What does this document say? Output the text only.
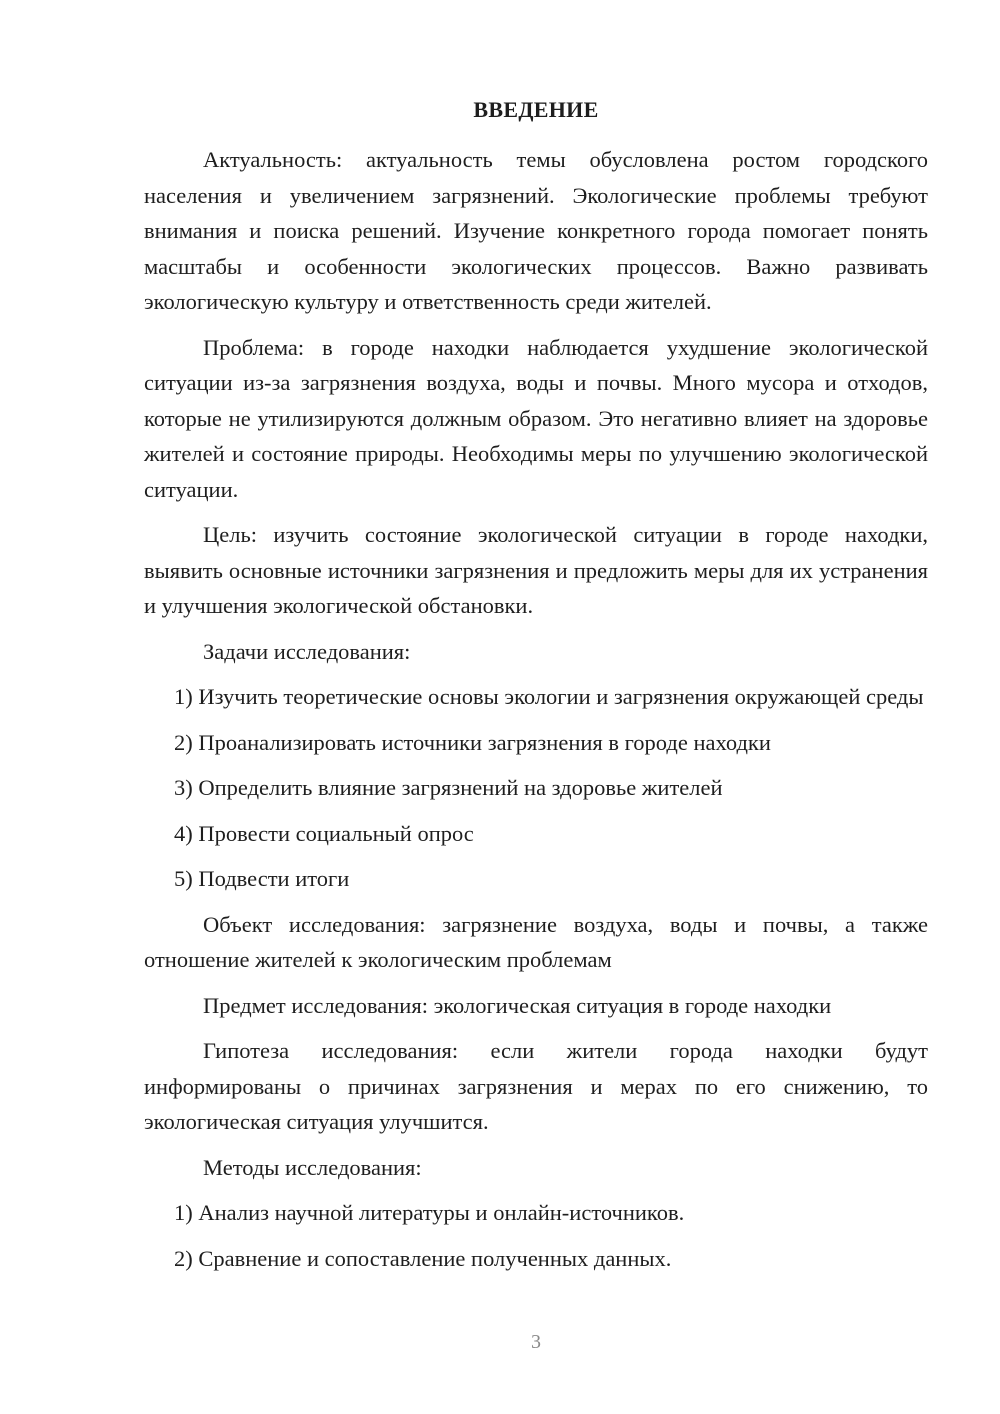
ВВЕДЕНИЕ

Актуальность: актуальность темы обусловлена ростом городского населения и увеличением загрязнений. Экологические проблемы требуют внимания и поиска решений. Изучение конкретного города помогает понять масштабы и особенности экологических процессов. Важно развивать экологическую культуру и ответственность среди жителей.

Проблема: в городе находки наблюдается ухудшение экологической ситуации из-за загрязнения воздуха, воды и почвы. Много мусора и отходов, которые не утилизируются должным образом. Это негативно влияет на здоровье жителей и состояние природы. Необходимы меры по улучшению экологической ситуации.

Цель: изучить состояние экологической ситуации в городе находки, выявить основные источники загрязнения и предложить меры для их устранения и улучшения экологической обстановки.

Задачи исследования:

1) Изучить теоретические основы экологии и загрязнения окружающей среды

2) Проанализировать источники загрязнения в городе находки

3) Определить влияние загрязнений на здоровье жителей

4) Провести социальный опрос

5) Подвести итоги

Объект исследования: загрязнение воздуха, воды и почвы, а также отношение жителей к экологическим проблемам

Предмет исследования: экологическая ситуация в городе находки

Гипотеза исследования: если жители города находки будут информированы о причинах загрязнения и мерах по его снижению, то экологическая ситуация улучшится.

Методы исследования:

1) Анализ научной литературы и онлайн-источников.

2) Сравнение и сопоставление полученных данных.

3
